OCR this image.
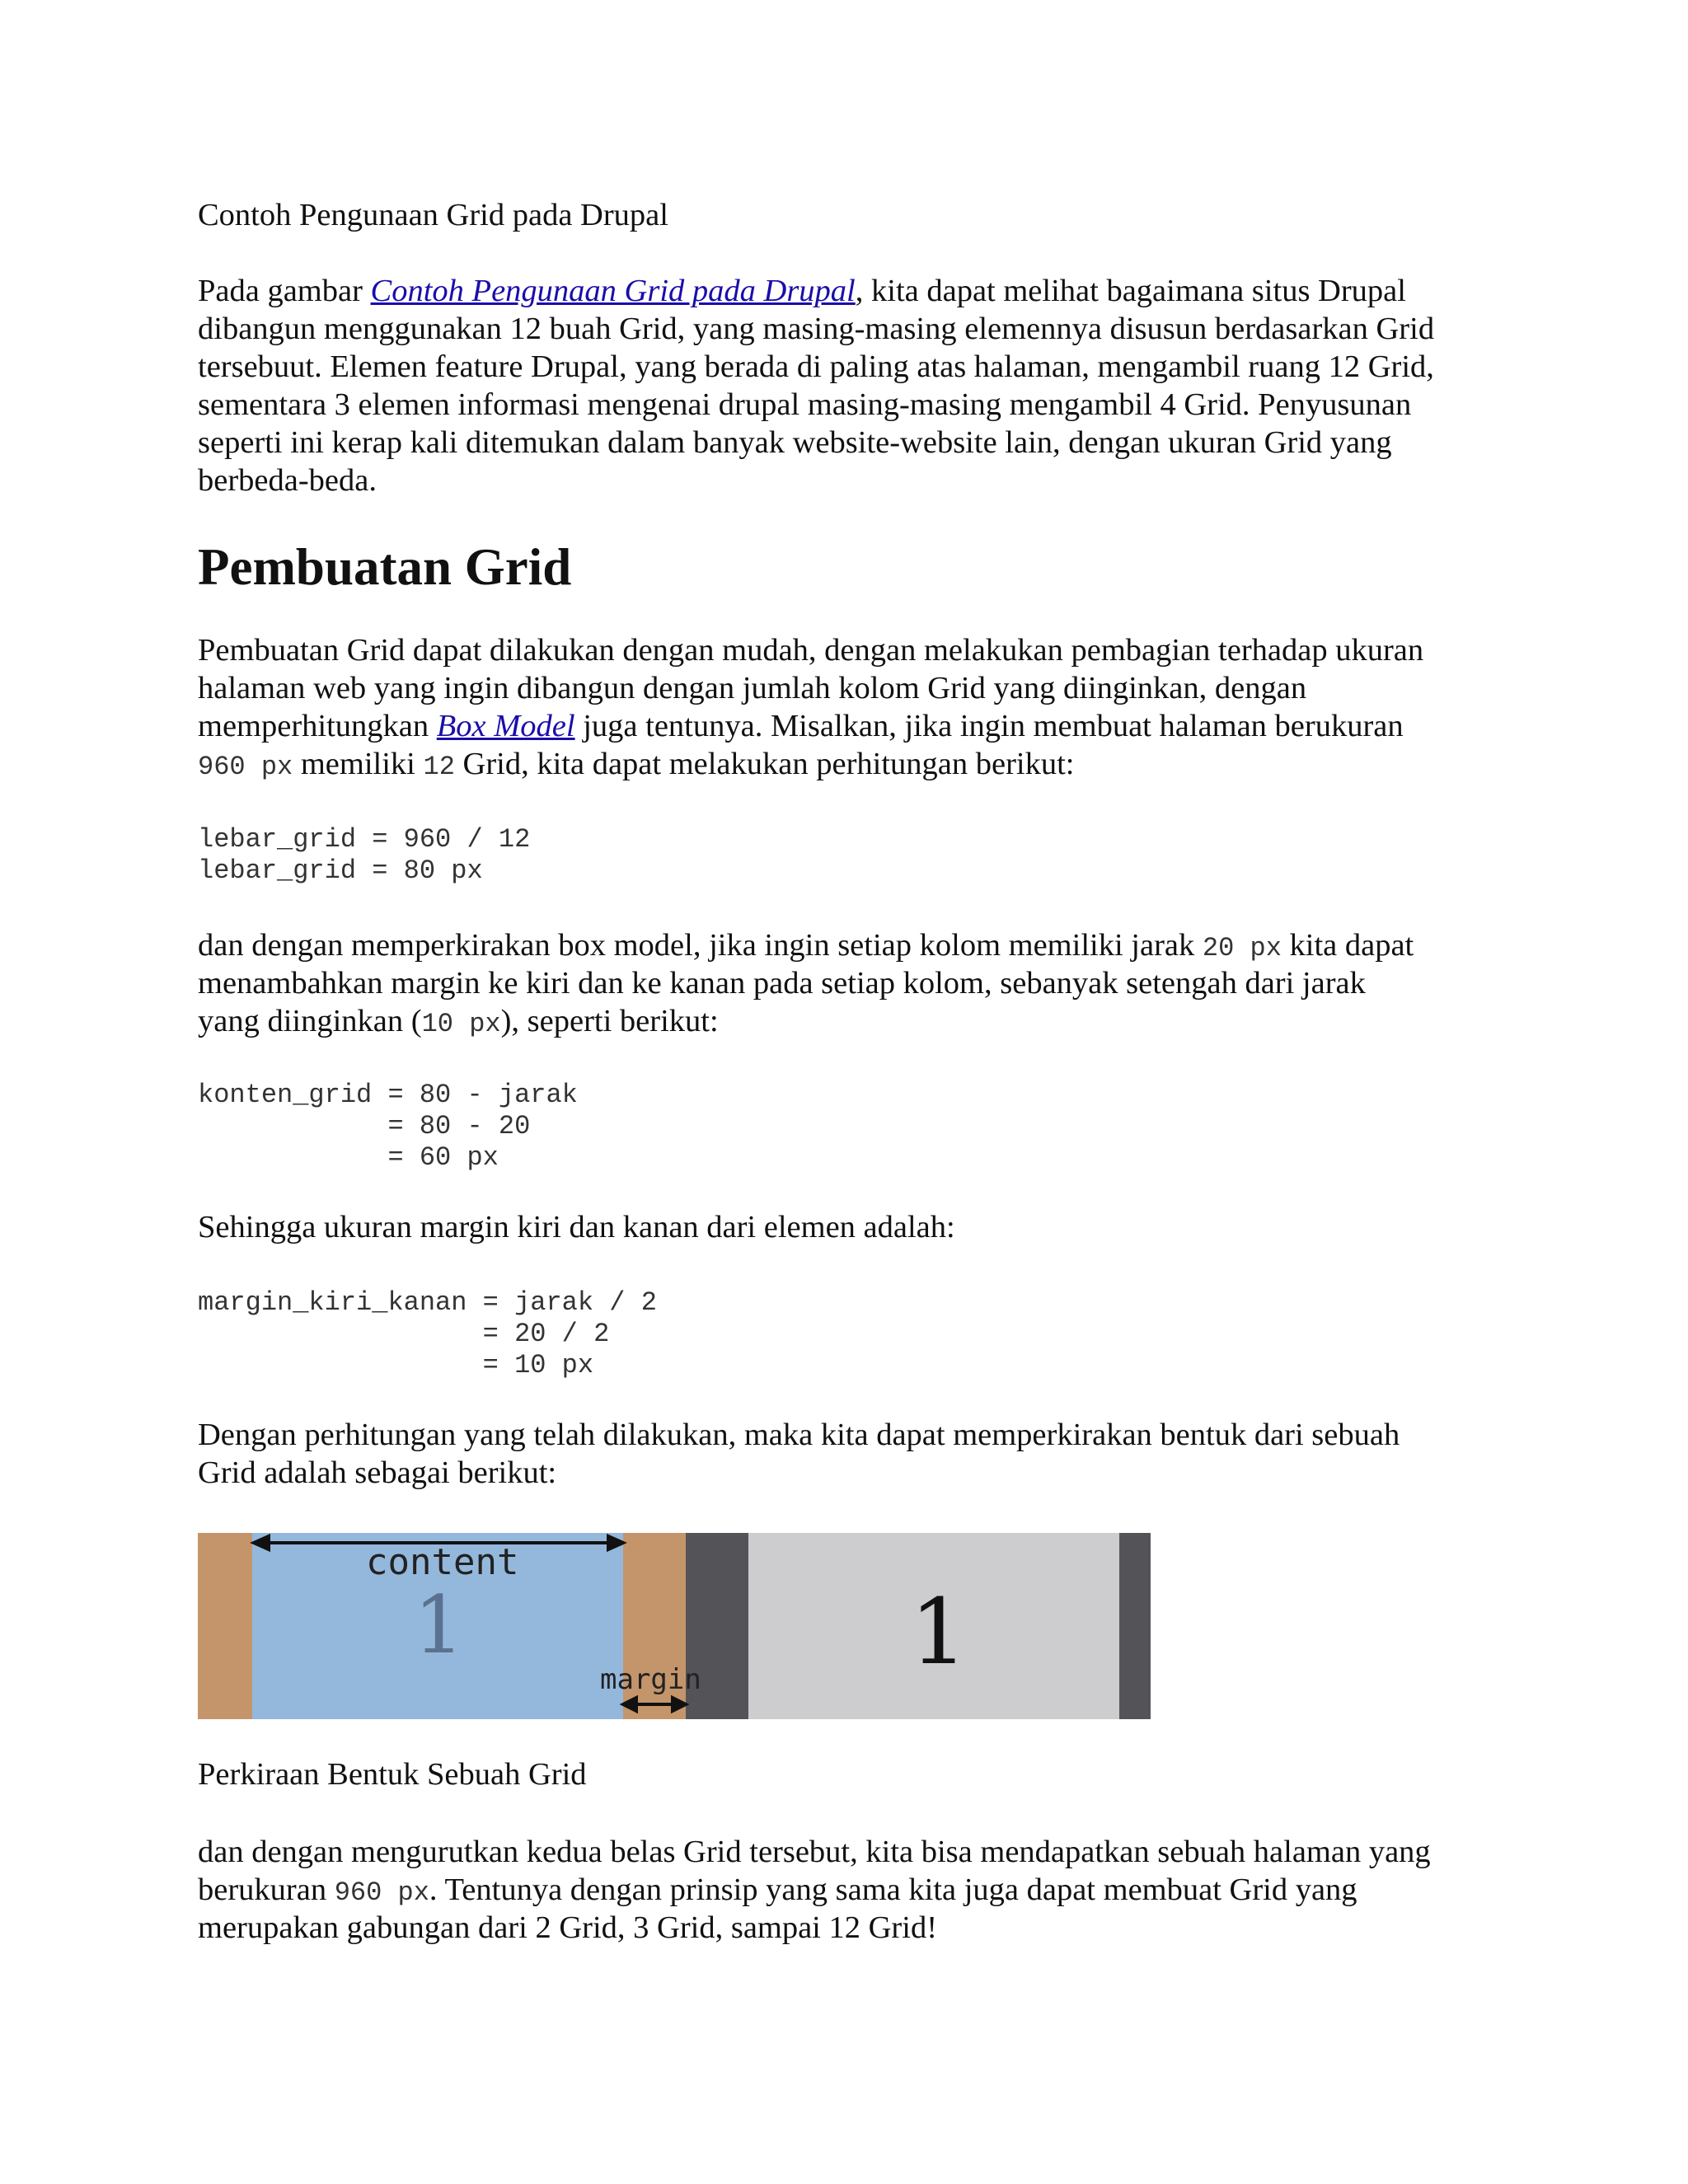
Contoh Pengunaan Grid pada Drupal

Pada gambar Contoh Pengunaan Grid pada Drupal, kita dapat melihat bagaimana situs Drupal

dibangun menggunakan 12 buah Grid, yang masing-masing elemennya disusun berdasarkan Grid

tersebuut. Elemen feature Drupal, yang berada di paling atas halaman, mengambil ruang 12 Grid,

sementara 3 elemen informasi mengenai drupal masing-masing mengambil 4 Grid. Penyusunan

seperti ini kerap kali ditemukan dalam banyak website-website lain, dengan ukuran Grid yang

berbeda-beda.

Pembuatan Grid

Pembuatan Grid dapat dilakukan dengan mudah, dengan melakukan pembagian terhadap ukuran

halaman web yang ingin dibangun dengan jumlah kolom Grid yang diinginkan, dengan

memperhitungkan Box Model juga tentunya. Misalkan, jika ingin membuat halaman berukuran

960 px memiliki 12 Grid, kita dapat melakukan perhitungan berikut:

lebar_grid = 960 / 12
lebar_grid = 80 px

dan dengan memperkirakan box model, jika ingin setiap kolom memiliki jarak 20 px kita dapat

menambahkan margin ke kiri dan ke kanan pada setiap kolom, sebanyak setengah dari jarak

yang diinginkan (10 px), seperti berikut:

konten_grid = 80 - jarak
= 80 - 20
= 60 px

Sehingga ukuran margin kiri dan kanan dari elemen adalah:

margin_kiri_kanan = jarak / 2
= 20 / 2
= 10 px

Dengan perhitungan yang telah dilakukan, maka kita dapat memperkirakan bentuk dari sebuah

Grid adalah sebagai berikut:

content
1
margin 1

Perkiraan Bentuk Sebuah Grid

dan dengan mengurutkan kedua belas Grid tersebut, kita bisa mendapatkan sebuah halaman yang

berukuran 960 px. Tentunya dengan prinsip yang sama kita juga dapat membuat Grid yang

merupakan gabungan dari 2 Grid, 3 Grid, sampai 12 Grid!
